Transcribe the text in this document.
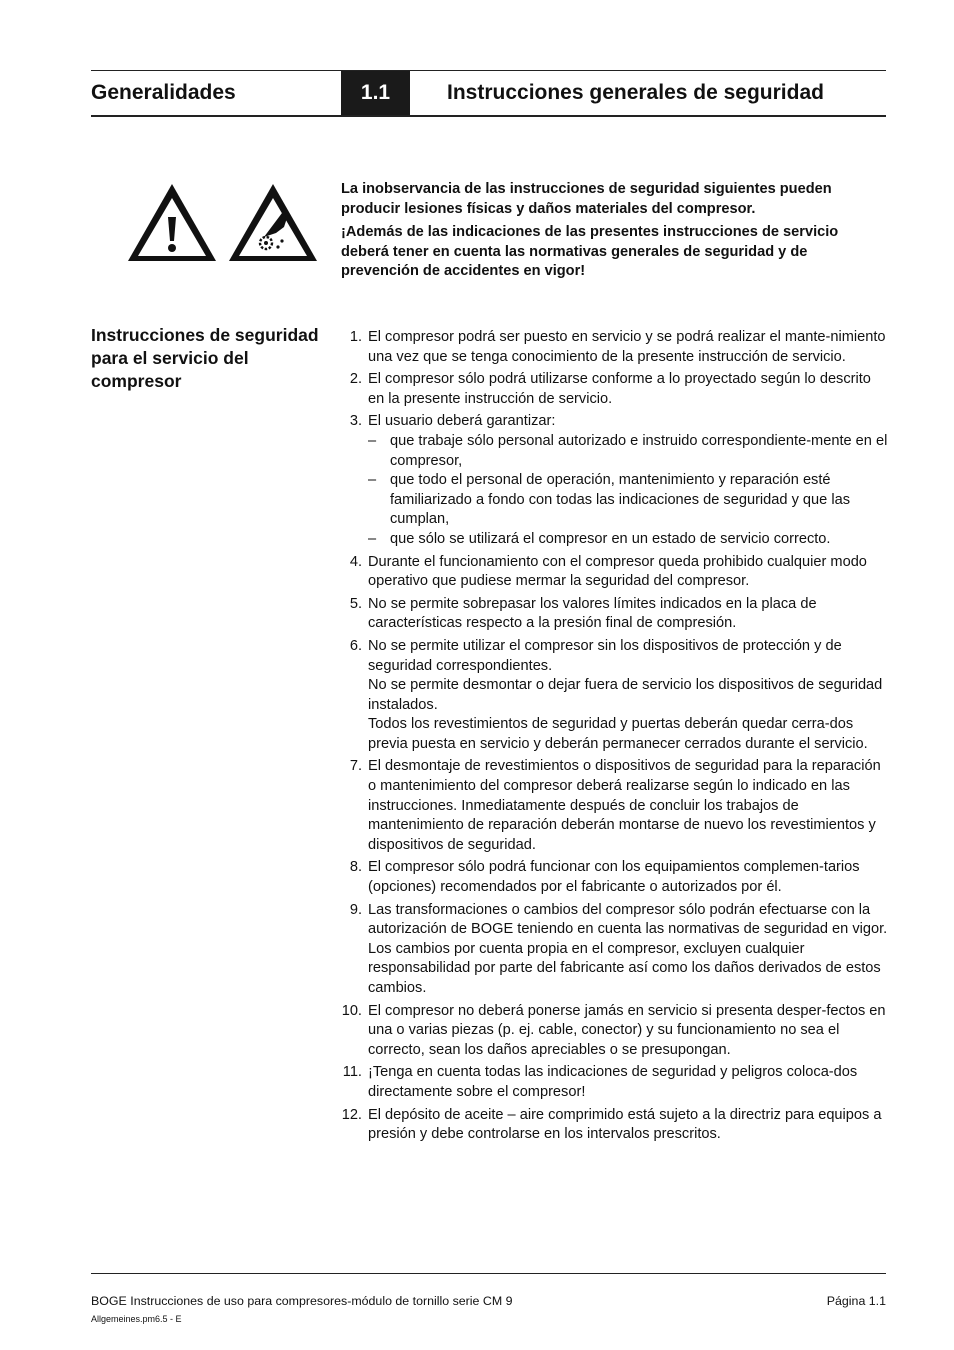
Generalidades	1.1	Instrucciones generales de seguridad

La inobservancia de las instrucciones de seguridad siguientes pueden producir lesiones físicas y daños materiales del compresor.

¡Además de las indicaciones de las presentes instrucciones de servicio deberá tener en cuenta las normativas generales de seguridad y de prevención de accidentes en vigor!

Instrucciones de seguridad para el servicio del compresor
1. El compresor podrá ser puesto en servicio y se podrá realizar el mante-nimiento una vez que se tenga conocimiento de la presente instrucción de servicio.

2. El compresor sólo podrá utilizarse conforme a lo proyectado según lo descrito en la presente instrucción de servicio.

3. El usuario deberá garantizar:

– que trabaje sólo personal autorizado e instruido correspondiente-mente en el compresor,
– que todo el personal de operación, mantenimiento y reparación esté familiarizado a fondo con todas las indicaciones de seguridad y que las cumplan,
– que sólo se utilizará el compresor en un estado de servicio correcto.
4. Durante el funcionamiento con el compresor queda prohibido cualquier modo operativo que pudiese mermar la seguridad del compresor.

5. No se permite sobrepasar los valores límites indicados en la placa de características respecto a la presión final de compresión.

6. No se permite utilizar el compresor sin los dispositivos de protección y de seguridad correspondientes.

No se permite desmontar o dejar fuera de servicio los dispositivos de seguridad instalados.

Todos los revestimientos de seguridad y puertas deberán quedar cerra-dos previa puesta en servicio y deberán permanecer cerrados durante el servicio.

7. El desmontaje de revestimientos o dispositivos de seguridad para la reparación o mantenimiento del compresor deberá realizarse según lo indicado en las instrucciones. Inmediatamente después de concluir los trabajos de mantenimiento de reparación deberán montarse de nuevo los revestimientos y dispositivos de seguridad.

8. El compresor sólo podrá funcionar con los equipamientos complemen-tarios (opciones) recomendados por el fabricante o autorizados por él.

9. Las transformaciones o cambios del compresor sólo podrán efectuarse con la autorización de BOGE teniendo en cuenta las normativas de seguridad en vigor.

Los cambios por cuenta propia en el compresor, excluyen cualquier responsabilidad por parte del fabricante así como los daños derivados de estos cambios.

10. El compresor no deberá ponerse jamás en servicio si presenta desper-fectos en una o varias piezas (p. ej. cable, conector) y su funcionamiento no sea el correcto, sean los daños apreciables o se presupongan.

11. ¡Tenga en cuenta todas las indicaciones de seguridad y peligros coloca-dos directamente sobre el compresor!

12. El depósito de aceite – aire comprimido está sujeto a la directriz para equipos a presión y debe controlarse en los intervalos prescritos.

BOGE Instrucciones de uso para compresores-módulo de tornillo serie CM 9	Página 1.1
Allgemeines.pm6.5 - E
